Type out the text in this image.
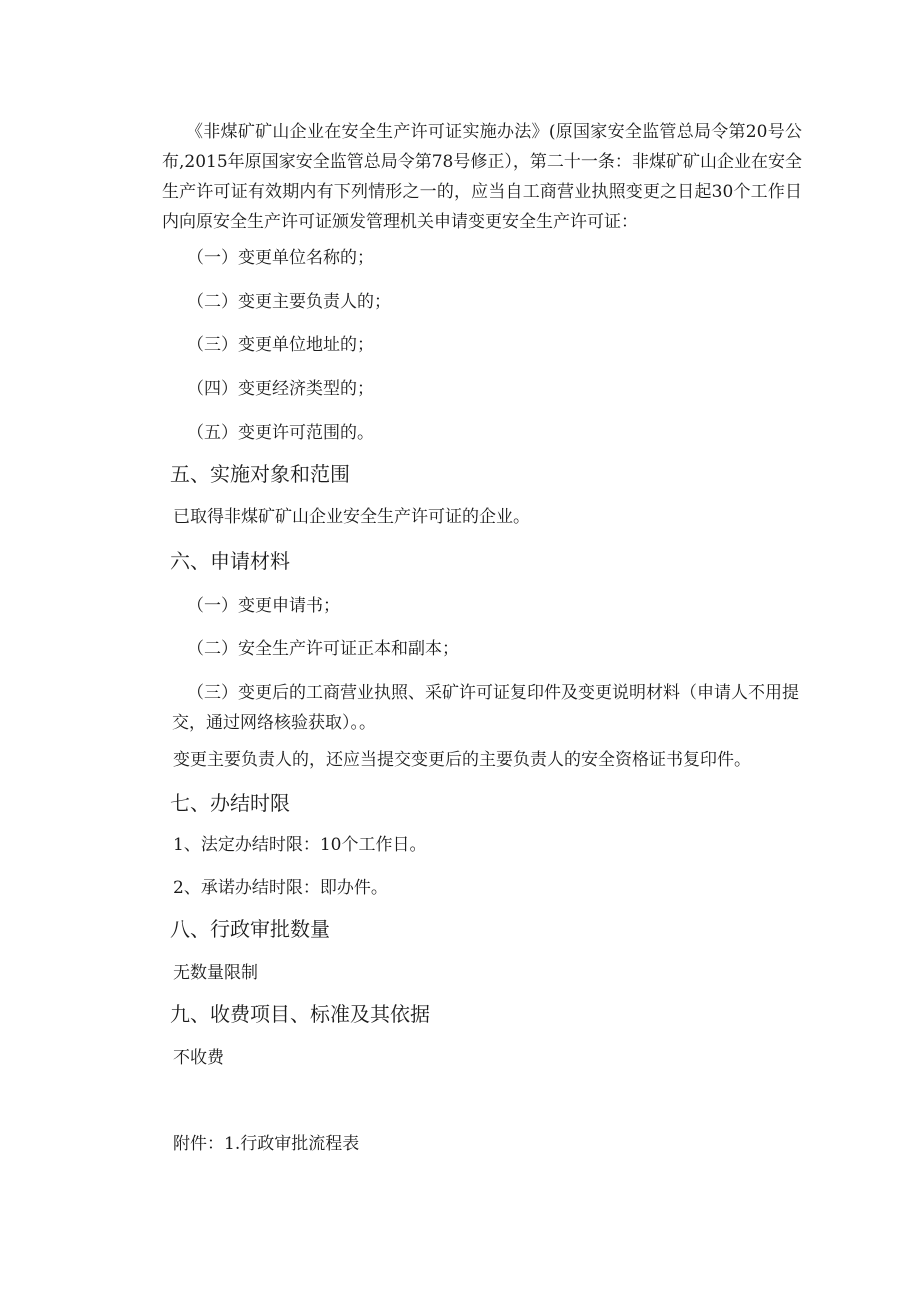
《非煤矿矿山企业在安全生产许可证实施办法》(原国家安全监管总局令第20号公布,2015年原国家安全监管总局令第78号修正），第二十一条：非煤矿矿山企业在安全生产许可证有效期内有下列情形之一的，应当自工商营业执照变更之日起30个工作日内向原安全生产许可证颁发管理机关申请变更安全生产许可证：

（一）变更单位名称的；

（二）变更主要负责人的；

（三）变更单位地址的；

（四）变更经济类型的；

（五）变更许可范围的。

五、实施对象和范围

已取得非煤矿矿山企业安全生产许可证的企业。

六、申请材料

（一）变更申请书；

（二）安全生产许可证正本和副本；

（三）变更后的工商营业执照、采矿许可证复印件及变更说明材料（申请人不用提交，通过网络核验获取）。。

变更主要负责人的，还应当提交变更后的主要负责人的安全资格证书复印件。

七、办结时限

1、法定办结时限：10个工作日。

2、承诺办结时限：即办件。

八、行政审批数量

无数量限制

九、收费项目、标准及其依据

不收费

附件：1.行政审批流程表
